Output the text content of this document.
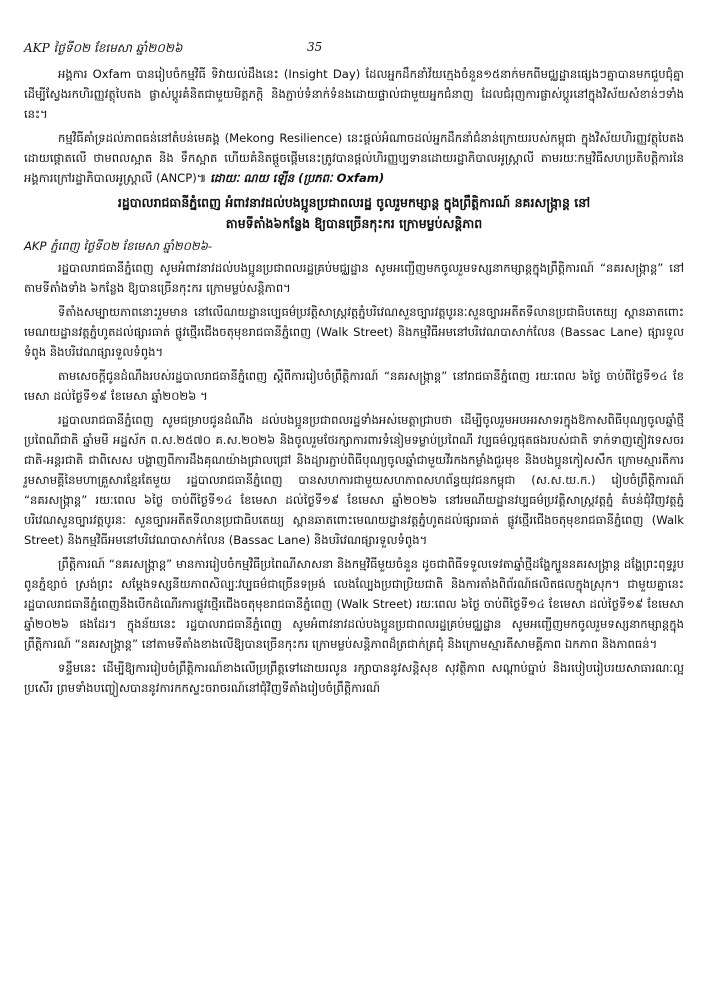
AKP ថ្ងៃទី០២ ខែមេសា ឆ្នាំ២០២៦	35

អង្គការ Oxfam បានរៀបចំកម្មវិធី ទិវាយល់ដឹងនេះ (Insight Day) ដែលអ្នកដឹកនាំវ័យក្មេងចំនួន១៥នាក់មកពីមជ្ឈដ្ឋានផ្សេងៗគ្នាបានមកជួបជុំគ្នា ដើម្បីស្វែងរកហិរញ្ញវត្ថុបៃតង ផ្លាស់ប្តូរគំនិតជាមួយមិត្តភក្តិ និងភ្ជាប់ទំនាក់ទំនងដោយផ្ទាល់ជាមួយអ្នកជំនាញ ដែលជំរុញការផ្លាស់ប្តូរនៅក្នុងវិស័យសំខាន់ៗទាំងនេះ។

កម្មវិធីគាំទ្រដល់ភាពធន់នៅតំបន់មេគង្គ (Mekong Resilience) នេះផ្តល់អំណាចដល់អ្នកដឹកនាំជំនាន់ក្រោយរបស់កម្ពុជា ក្នុងវិស័យហិរញ្ញវត្ថុបៃតង ដោយផ្តោតលើ ថាមពលស្អាត និង ទឹកស្អាត ហើយគំនិតផ្តួចផ្តើមនេះត្រូវបានផ្តល់ហិរញ្ញប្បទានដោយរដ្ឋាភិបាលអូស្ត្រាលី តាមរយៈកម្មវិធីសហប្រតិបត្តិការនៃអង្គការក្រៅរដ្ឋាភិបាលអូស្ត្រាលី (ANCP)៕ ដោយៈ ណយ ឡើន (ប្រភពៈ Oxfam)

រដ្ឋបាលរាជធានីភ្នំពេញ អំពាវនាវដល់បងប្អូនប្រជាពលរដ្ឋ ចូលរួមកម្សាន្ត ក្នុងព្រឹត្តិការណ៍ នគរសង្ក្រាន្ត នៅ
តាមទីតាំង៦កន្លែង ឱ្យបានច្រើនកុះករ ក្រោមម្លប់សន្តិភាព
AKP ភ្នំពេញ ថ្ងៃទី០២ ខែមេសា ឆ្នាំ២០២៦-

រដ្ឋបាលរាជធានីភ្នំពេញ សូមអំពាវនាវដល់បងប្អូនប្រជាពលរដ្ឋគ្រប់មជ្ឈដ្ឋាន សូមអញ្ជើញមកចូលរួមទស្សនាកម្សាន្តក្នុងព្រឹត្តិការណ៍ “នគរសង្ក្រាន្ត” នៅតាមទីតាំងទាំង ៦កន្លែង ឱ្យបានច្រើនកុះករ ក្រោមម្លប់សន្តិភាព។

ទីតាំងសម្បាយភាពនោះរួមមាន នៅលើណយដ្ឋានប្បេធម៌ប្រវត្តិសាស្ត្រវត្តភ្នំបរិវេណសួនច្បារវត្តបូរនៈសួនច្បារអតីតទីលានប្រជាធិបតេយ្យ ស្ពានឆាតពោះមេណយដ្ឋានវត្តភ្នំហូតដល់ផ្សារធាត់ ផ្លូវថ្មើរជើងចតុមុខរាជធានីភ្នំពេញ (Walk Street) និងកម្មវិធីអមនៅបរិវេណបាសាក់លែន (Bassac Lane) ផ្សារទួលទំពូង និងបរិវេណផ្សារទួលទំពូង។

តាមសេចក្តីជូនដំណឹងរបស់រដ្ឋបាលរាជធានីភ្នំពេញ ស្តីពីការរៀបចំព្រឹត្តិការណ៍ “នគរសង្ក្រាន្ត” នៅរាជធានីភ្នំពេញ រយៈពេល ៦ថ្ងៃ ចាប់ពីថ្ងៃទី១៤ ខែមេសា ដល់ថ្ងៃទី១៩ ខែមេសា ឆ្នាំ២០២៦ ។

រដ្ឋបាលរាជធានីភ្នំពេញ សូមជម្រាបជូនដំណឹង ដល់បងប្អូនប្រជាពលរដ្ឋទាំងអស់មេត្តាជ្រាបថា ដើម្បីចូលរួមអបអរសាទរក្នុងឱកាសពិធីបុណ្យចូលឆ្នាំថ្មីប្រពៃណីជាតិ ឆ្នាំមមី អដ្ឋស័ក ព.ស.២៥៧០ គ.ស.២០២៦ និងចូលរួមថែរក្សាការពារទំនៀមទម្លាប់ប្រពៃណី វប្បធម៌ល្អផុតផងរបស់ជាតិ ទាក់ទាញភ្ញៀវទេសចរជាតិ-អន្តរជាតិ ជាពិសេស បង្ហាញពីការដឹងគុណយ៉ាងជ្រាលជ្រៅ និងដ្យារភ្ជាប់ពិធីបុណ្យចូលឆ្នាំជាមួយវីរកងកម្លាំងជួរមុខ និងបងប្អូនកៀសសឹក ក្រោមស្មារតីការរួមសាមគ្គីនៃមហាគ្រួសារខ្មែរតែមួយ រដ្ឋបាលរាជធានីភ្នំពេញ បានសហការជាមួយសហភាពសហព័ន្ធយុវជនកម្ពុជា (ស.ស.យ.ក.) រៀបចំព្រឹត្តិការណ៍ “នគរសង្ក្រាន្ត” រយៈពេល ៦ថ្ងៃ ចាប់ពីថ្ងៃទី១៤ ខែមេសា ដល់ថ្ងៃទី១៩ ខែមេសា ឆ្នាំ២០២៦ នៅរមណីយដ្ឋានវប្បធម៌ប្រវត្តិសាស្ត្រវត្តភ្នំ តំបន់ជុំវិញវត្តភ្នំ បរិវេណសួនច្បារវត្តបូរនៈ សួនច្បារអតីតទីលានប្រជាធិបតេយ្យ ស្ពានឆាតពោះមេណយដ្ឋានវត្តភ្នំហូតដល់ផ្សារធាត់ ផ្លូវថ្មើរជើងចតុមុខរាជធានីភ្នំពេញ (Walk Street) និងកម្មវិធីអមនៅបរិវេណបាសាក់លែន (Bassac Lane) និងបរិវេណផ្សារទួលទំពូង។

ព្រឹត្តិការណ៍ “នគរសង្ក្រាន្ត” មានការរៀបចំកម្មវិធីប្រពៃណីសាសនា និងកម្មវិធីមួយចំនួន ដូចជាពិធីទទួលទេវតាឆ្នាំថ្មីដង្ហែក្បួននគរសង្ក្រាន្ត ដង្ហែព្រះពុទ្ធរូប ពូនភ្នំខ្សាច់ ស្រង់ព្រះ សម្តែងទស្សនីយភាពសិល្បៈវប្បធម៌ជាច្រើនទម្រង់ លេងល្បែងប្រជាប្រិយជាតិ និងការតាំងពិព័រណ៍ផលិតផលក្នុងស្រុក។ ជាមួយគ្នានេះ រដ្ឋបាលរាជធានីភ្នំពេញនឹងបើកដំណើរការផ្លូវថ្មើរជើងចតុមុខរាជធានីភ្នំពេញ (Walk Street) រយៈពេល ៦ថ្ងៃ ចាប់ពីថ្ងៃទី១៤ ខែមេសា ដល់ថ្ងៃទី១៩ ខែមេសា ឆ្នាំ២០២៦ ផងដែរ។ ក្នុងន័យនេះ រដ្ឋបាលរាជធានីភ្នំពេញ សូមអំពាវនាវដល់បងប្អូនប្រជាពលរដ្ឋគ្រប់មជ្ឈដ្ឋាន សូមអញ្ជើញមកចូលរួមទស្សនាកម្សាន្តក្នុងព្រឹត្តិការណ៍ “នគរសង្ក្រាន្ត” នៅតាមទីតាំងខាងលើឱ្យបានច្រើនកុះករ ក្រោមម្លប់សន្តិភាពដ៏ត្រជាក់ត្រជុំ និងក្រោមស្មារតីសាមគ្គីភាព ឯកភាព និងភាពធន់។

ទន្ទឹមនេះ ដើម្បីឱ្យការរៀបចំព្រឹត្តិការណ៍ខាងលើប្រព្រឹត្តទៅដោយរលូន រក្សាបាននូវសន្តិសុខ សុវត្ថិភាព សណ្តាប់ធ្នាប់ និងរបៀបរៀបរយសាធារណៈល្អប្រសើរ ព្រមទាំងបញ្ចៀសបាននូវការកកស្ទះចរាចរណ៍នៅជុំវិញទីតាំងរៀបចំព្រឹត្តិការណ៍
